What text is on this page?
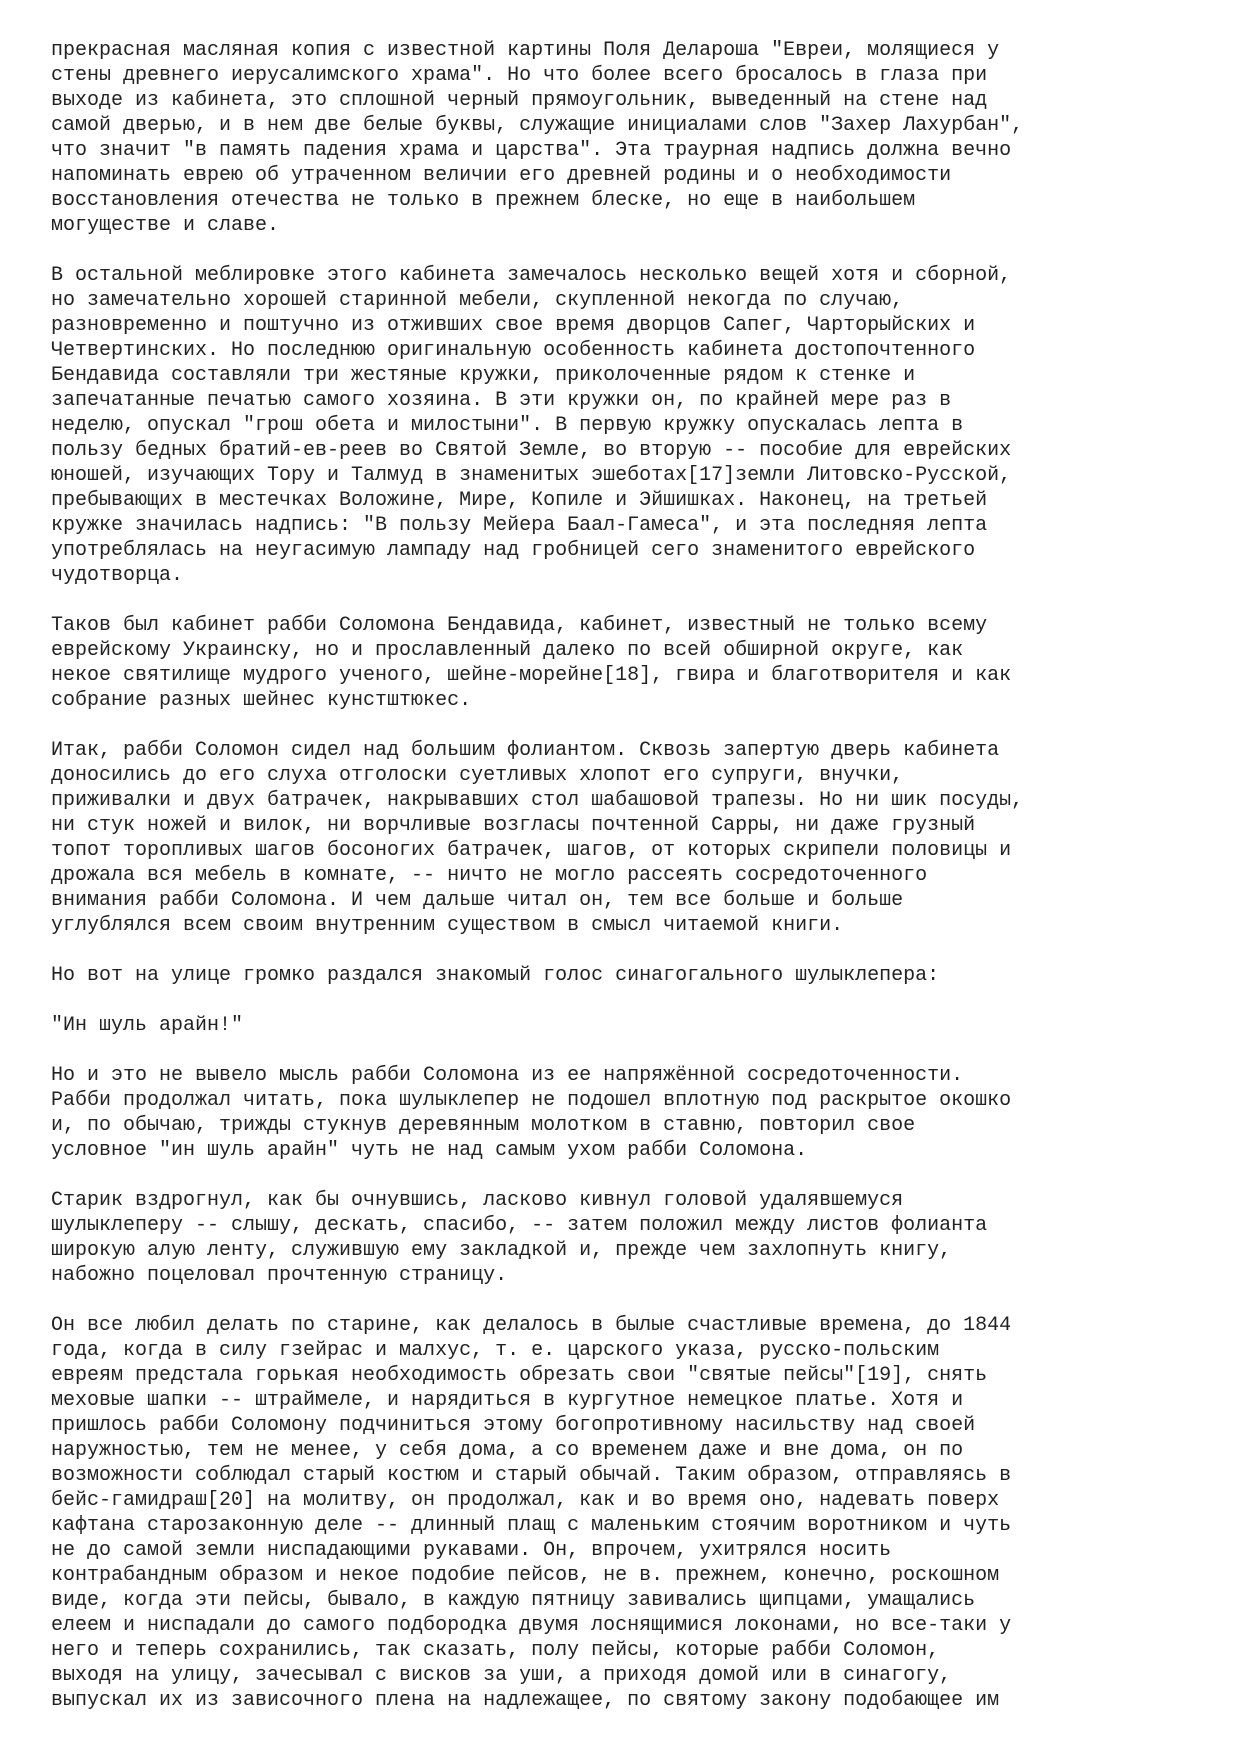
прекрасная масляная копия с известной картины Поля Делароша "Евреи, молящиеся у
стены древнего иерусалимского храма". Но что более всего бросалось в глаза при
выходе из кабинета, это сплошной черный прямоугольник, выведенный на стене над
самой дверью, и в нем две белые буквы, служащие инициалами слов "Захер Лахурбан",
что значит "в память падения храма и царства". Эта траурная надпись должна вечно
напоминать еврею об утраченном величии его древней родины и о необходимости
восстановления отечества не только в прежнем блеске, но еще в наибольшем
могуществе и славе.
В остальной меблировке этого кабинета замечалось несколько вещей хотя и сборной,
но замечательно хорошей старинной мебели, скупленной некогда по случаю,
разновременно и поштучно из отживших свое время дворцов Сапег, Чарторыйских и
Четвертинских. Но последнюю оригинальную особенность кабинета достопочтенного
Бендавида составляли три жестяные кружки, приколоченные рядом к стенке и
запечатанные печатью самого хозяина. В эти кружки он, по крайней мере раз в
неделю, опускал "грош обета и милостыни". В первую кружку опускалась лепта в
пользу бедных братий-ев-реев во Святой Земле, во вторую -- пособие для еврейских
юношей, изучающих Тору и Талмуд в знаменитых эшеботах[17]земли Литовско-Русской,
пребывающих в местечках Воложине, Мире, Копиле и Эйшишках. Наконец, на третьей
кружке значилась надпись: "В пользу Мейера Баал-Гамеса", и эта последняя лепта
употреблялась на неугасимую лампаду над гробницей сего знаменитого еврейского
чудотворца.
Таков был кабинет рабби Соломона Бендавида, кабинет, известный не только всему
еврейскому Украинску, но и прославленный далеко по всей обширной округе, как
некое святилище мудрого ученого, шейне-морейне[18], гвира и благотворителя и как
собрание разных шейнес кунстштюкес.
Итак, рабби Соломон сидел над большим фолиантом. Сквозь запертую дверь кабинета
доносились до его слуха отголоски суетливых хлопот его супруги, внучки,
приживалки и двух батрачек, накрывавших стол шабашовой трапезы. Но ни шик посуды,
ни стук ножей и вилок, ни ворчливые возгласы почтенной Сарры, ни даже грузный
топот торопливых шагов босоногих батрачек, шагов, от которых скрипели половицы и
дрожала вся мебель в комнате, -- ничто не могло рассеять сосредоточенного
внимания рабби Соломона. И чем дальше читал он, тем все больше и больше
углублялся всем своим внутренним существом в смысл читаемой книги.
Но вот на улице громко раздался знакомый голос синагогального шулыклепера:
"Ин шуль арайн!"
Но и это не вывело мысль рабби Соломона из ее напряжённой сосредоточенности.
Рабби продолжал читать, пока шулыклепер не подошел вплотную под раскрытое окошко
и, по обычаю, трижды стукнув деревянным молотком в ставню, повторил свое
условное "ин шуль арайн" чуть не над самым ухом рабби Соломона.
Старик вздрогнул, как бы очнувшись, ласково кивнул головой удалявшемуся
шулыклеперу -- слышу, дескать, спасибо, -- затем положил между листов фолианта
широкую алую ленту, служившую ему закладкой и, прежде чем захлопнуть книгу,
набожно поцеловал прочтенную страницу.
Он все любил делать по старине, как делалось в былые счастливые времена, до 1844
года, когда в силу гзейрас и малхус, т. е. царского указа, русско-польским
евреям предстала горькая необходимость обрезать свои "святые пейсы"[19], снять
меховые шапки -- штраймеле, и нарядиться в кургутное немецкое платье. Хотя и
пришлось рабби Соломону подчиниться этому богопротивному насильству над своей
наружностью, тем не менее, у себя дома, а со временем даже и вне дома, он по
возможности соблюдал старый костюм и старый обычай. Таким образом, отправляясь в
бейс-гамидраш[20] на молитву, он продолжал, как и во время оно, надевать поверх
кафтана старозаконную деле -- длинный плащ с маленьким стоячим воротником и чуть
не до самой земли ниспадающими рукавами. Он, впрочем, ухитрялся носить
контрабандным образом и некое подобие пейсов, не в. прежнем, конечно, роскошном
виде, когда эти пейсы, бывало, в каждую пятницу завивались щипцами, умащались
елеем и ниспадали до самого подбородка двумя лоснящимися локонами, но все-таки у
него и теперь сохранились, так сказать, полу пейсы, которые рабби Соломон,
выходя на улицу, зачесывал с висков за уши, а приходя домой или в синагогу,
выпускал их из зависочного плена на надлежащее, по святому закону подобающее им
